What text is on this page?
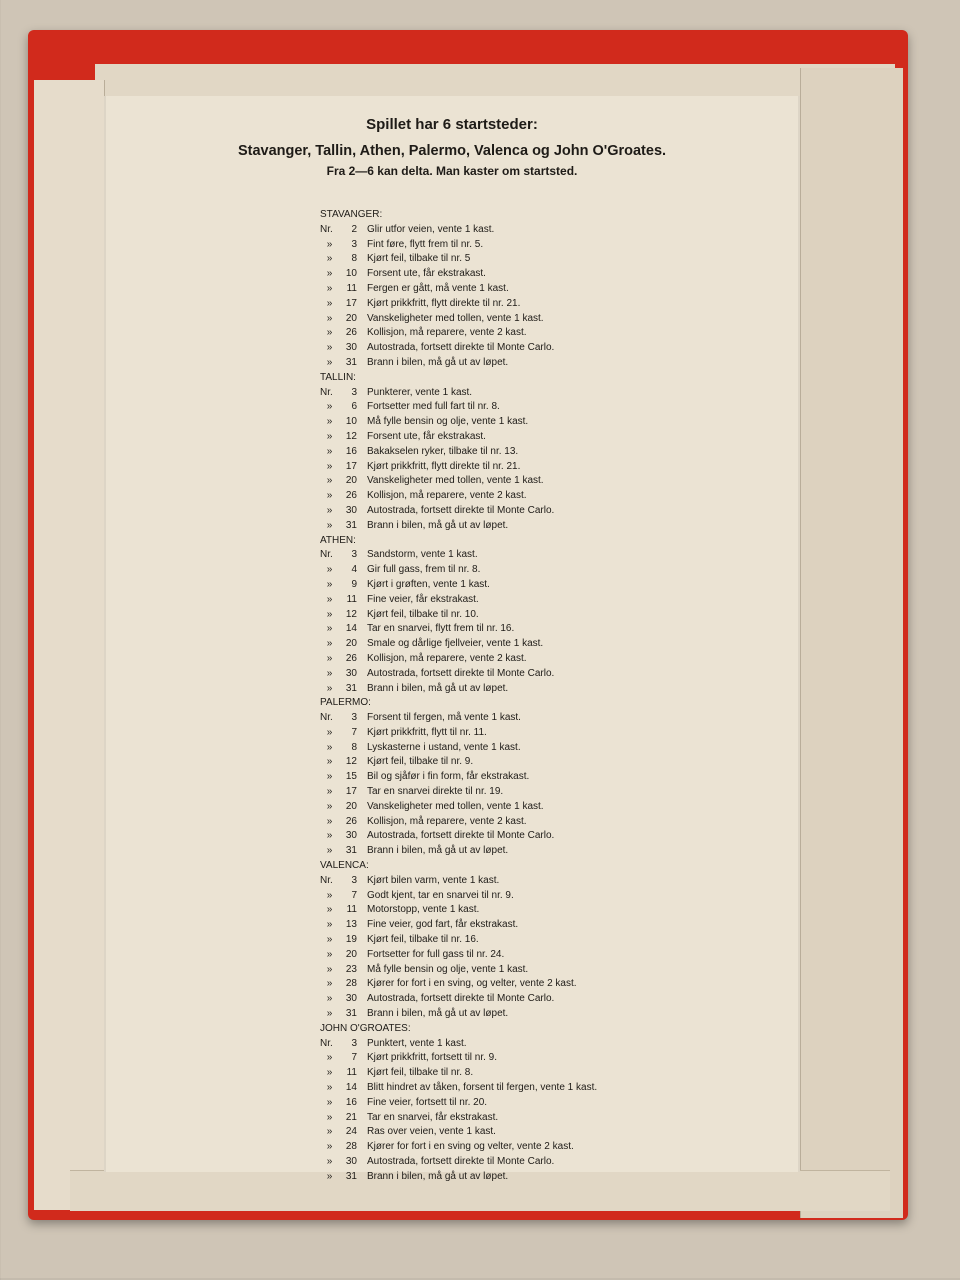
Spillet har 6 startsteder:
Stavanger, Tallin, Athen, Palermo, Valenca og John O'Groates.
Fra 2—6 kan delta. Man kaster om startsted.
STAVANGER:
Nr.	2 Glir utfor veien, vente 1 kast.
»	3 Fint føre, flytt frem til nr. 5.
»	8 Kjørt feil, tilbake til nr. 5
»	10 Forsent ute, får ekstrakast.
»	11 Fergen er gått, må vente 1 kast.
»	17 Kjørt prikkfritt, flytt direkte til nr. 21.
»	20 Vanskeligheter med tollen, vente 1 kast.
»	26 Kollisjon, må reparere, vente 2 kast.
»	30 Autostrada, fortsett direkte til Monte Carlo.
»	31 Brann i bilen, må gå ut av løpet.
TALLIN:
Nr.	3 Punkterer, vente 1 kast.
»	6 Fortsetter med full fart til nr. 8.
»	10 Må fylle bensin og olje, vente 1 kast.
»	12 Forsent ute, får ekstrakast.
»	16 Bakakselen ryker, tilbake til nr. 13.
»	17 Kjørt prikkfritt, flytt direkte til nr. 21.
»	20 Vanskeligheter med tollen, vente 1 kast.
»	26 Kollisjon, må reparere, vente 2 kast.
»	30 Autostrada, fortsett direkte til Monte Carlo.
»	31 Brann i bilen, må gå ut av løpet.
ATHEN:
Nr.	3 Sandstorm, vente 1 kast.
»	4 Gir full gass, frem til nr. 8.
»	9 Kjørt i grøften, vente 1 kast.
»	11 Fine veier, får ekstrakast.
»	12 Kjørt feil, tilbake til nr. 10.
»	14 Tar en snarvei, flytt frem til nr. 16.
»	20 Smale og dårlige fjellveier, vente 1 kast.
»	26 Kollisjon, må reparere, vente 2 kast.
»	30 Autostrada, fortsett direkte til Monte Carlo.
»	31 Brann i bilen, må gå ut av løpet.
PALERMO:
Nr.	3 Forsent til fergen, må vente 1 kast.
»	7 Kjørt prikkfritt, flytt til nr. 11.
»	8 Lyskasterne i ustand, vente 1 kast.
»	12 Kjørt feil, tilbake til nr. 9.
»	15 Bil og sjåfør i fin form, får ekstrakast.
»	17 Tar en snarvei direkte til nr. 19.
»	20 Vanskeligheter med tollen, vente 1 kast.
»	26 Kollisjon, må reparere, vente 2 kast.
»	30 Autostrada, fortsett direkte til Monte Carlo.
»	31 Brann i bilen, må gå ut av løpet.
VALENCA:
Nr.	3 Kjørt bilen varm, vente 1 kast.
»	7 Godt kjent, tar en snarvei til nr. 9.
»	11 Motorstopp, vente 1 kast.
»	13 Fine veier, god fart, får ekstrakast.
»	19 Kjørt feil, tilbake til nr. 16.
»	20 Fortsetter for full gass til nr. 24.
»	23 Må fylle bensin og olje, vente 1 kast.
»	28 Kjører for fort i en sving, og velter, vente 2 kast.
»	30 Autostrada, fortsett direkte til Monte Carlo.
»	31 Brann i bilen, må gå ut av løpet.
JOHN O'GROATES:
Nr.	3 Punktert, vente 1 kast.
»	7 Kjørt prikkfritt, fortsett til nr. 9.
»	11 Kjørt feil, tilbake til nr. 8.
»	14 Blitt hindret av tåken, forsent til fergen, vente 1 kast.
»	16 Fine veier, fortsett til nr. 20.
»	21 Tar en snarvei, får ekstrakast.
»	24 Ras over veien, vente 1 kast.
»	28 Kjører for fort i en sving og velter, vente 2 kast.
»	30 Autostrada, fortsett direkte til Monte Carlo.
»	31 Brann i bilen, må gå ut av løpet.
